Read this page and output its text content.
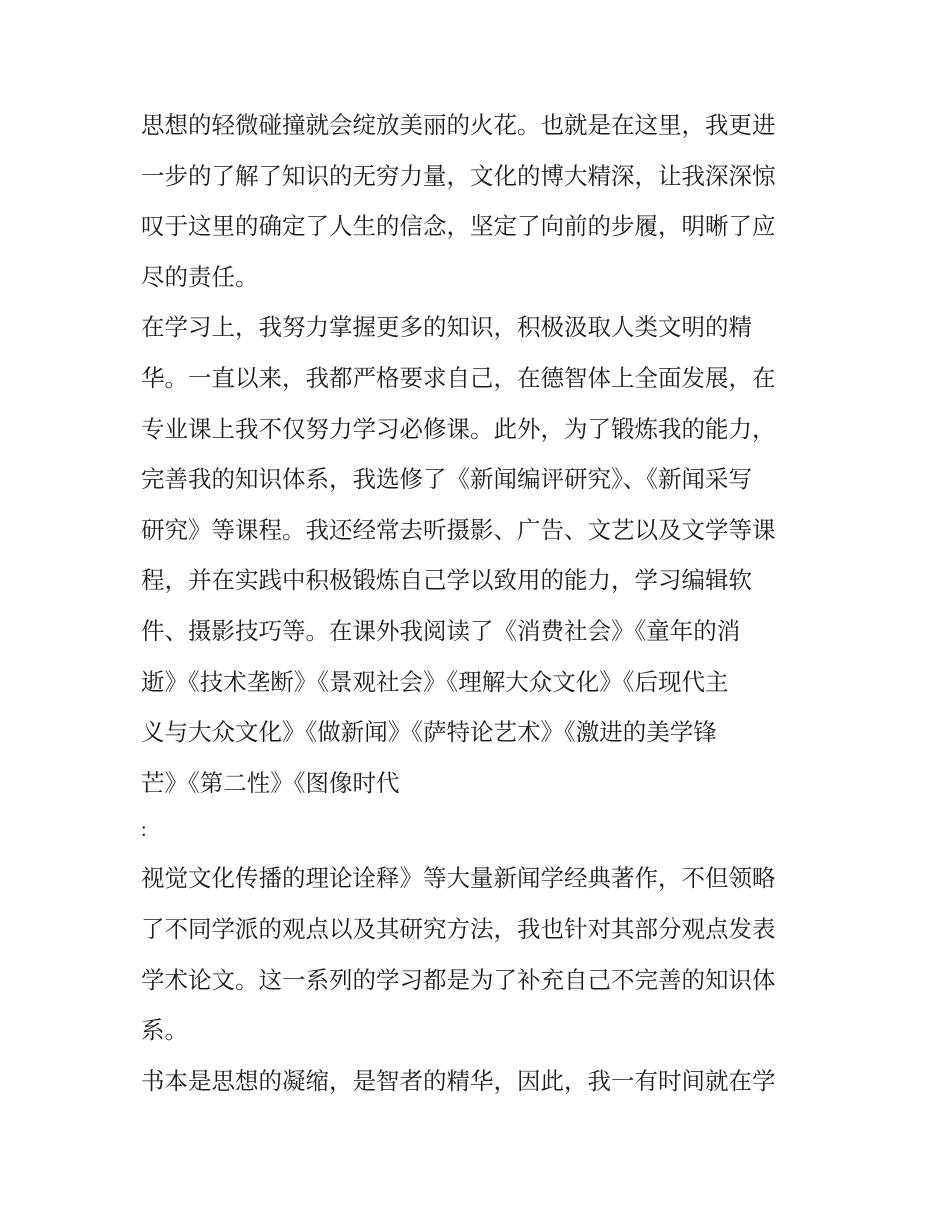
思想的轻微碰撞就会绽放美丽的火花。也就是在这里，我更进
一步的了解了知识的无穷力量，文化的博大精深，让我深深惊
叹于这里的确定了人生的信念，坚定了向前的步履，明晰了应
尽的责任。
在学习上，我努力掌握更多的知识，积极汲取人类文明的精
华。一直以来，我都严格要求自己，在德智体上全面发展，在
专业课上我不仅努力学习必修课。此外，为了锻炼我的能力，
完善我的知识体系，我选修了《新闻编评研究》、《新闻采写
研究》等课程。我还经常去听摄影、广告、文艺以及文学等课
程，并在实践中积极锻炼自己学以致用的能力，学习编辑软
件、摄影技巧等。在课外我阅读了《消费社会》《童年的消
逝》《技术垄断》《景观社会》《理解大众文化》《后现代主
义与大众文化》《做新闻》《萨特论艺术》《激进的美学锋
芒》《第二性》《图像时代
:
视觉文化传播的理论诠释》等大量新闻学经典著作，不但领略
了不同学派的观点以及其研究方法，我也针对其部分观点发表
学术论文。这一系列的学习都是为了补充自己不完善的知识体
系。
书本是思想的凝缩，是智者的精华，因此，我一有时间就在学
